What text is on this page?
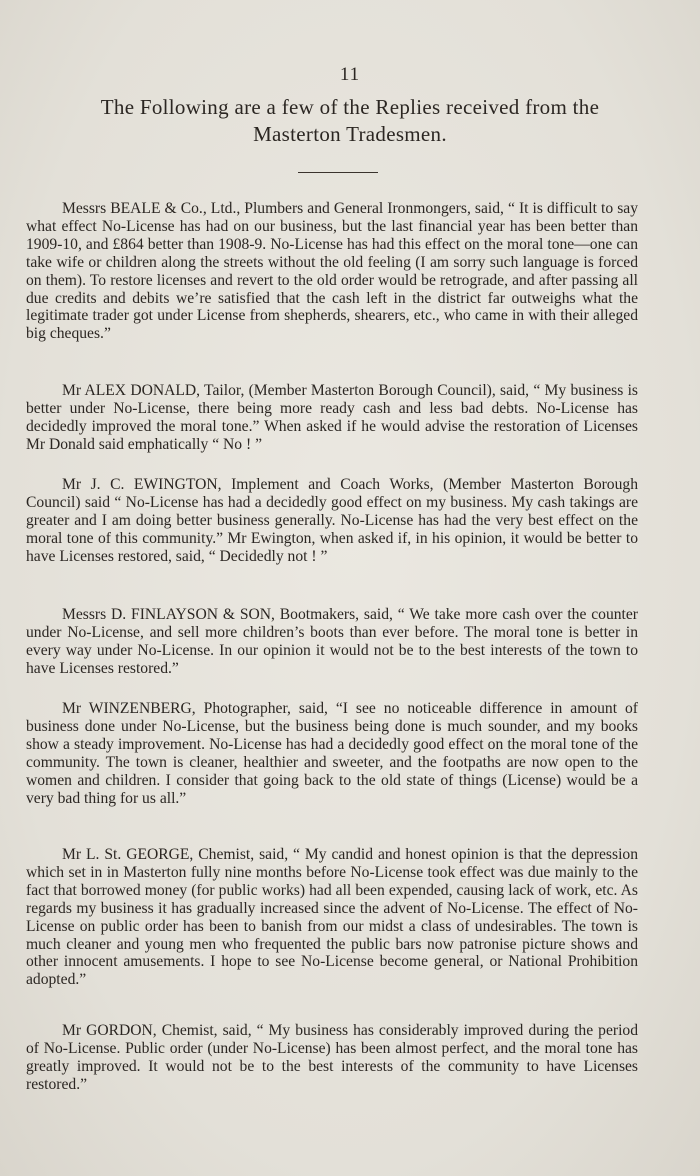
11
The Following are a few of the Replies received from the
Masterton Tradesmen.

Messrs BEALE & Co., Ltd., Plumbers and General Ironmongers, said, “ It is difficult to say what effect No-License has had on our business, but the last financial year has been better than 1909-10, and £864 better than 1908-9. No-License has had this effect on the moral tone—one can take wife or children along the streets without the old feeling (I am sorry such language is forced on them). To restore licenses and revert to the old order would be retrograde, and after passing all due credits and debits we’re satisfied that the cash left in the district far outweighs what the legitimate trader got under License from shepherds, shearers, etc., who came in with their alleged big cheques.”

Mr ALEX DONALD, Tailor, (Member Masterton Borough Council), said, “ My business is better under No-License, there being more ready cash and less bad debts. No-License has decidedly improved the moral tone.” When asked if he would advise the restoration of Licenses Mr Donald said emphatically “ No ! ”

Mr J. C. EWINGTON, Implement and Coach Works, (Member Masterton Borough Council) said “ No-License has had a decidedly good effect on my business. My cash takings are greater and I am doing better business generally. No-License has had the very best effect on the moral tone of this community.” Mr Ewington, when asked if, in his opinion, it would be better to have Licenses restored, said, “ Decidedly not ! ”

Messrs D. FINLAYSON & SON, Bootmakers, said, “ We take more cash over the counter under No-License, and sell more children’s boots than ever before. The moral tone is better in every way under No-License. In our opinion it would not be to the best interests of the town to have Licenses restored.”

Mr WINZENBERG, Photographer, said, “I see no noticeable difference in amount of business done under No-License, but the business being done is much sounder, and my books show a steady improvement. No-License has had a decidedly good effect on the moral tone of the community. The town is cleaner, healthier and sweeter, and the footpaths are now open to the women and children. I consider that going back to the old state of things (License) would be a very bad thing for us all.”

Mr L. St. GEORGE, Chemist, said, “ My candid and honest opinion is that the depression which set in in Masterton fully nine months before No-License took effect was due mainly to the fact that borrowed money (for public works) had all been expended, causing lack of work, etc. As regards my business it has gradually increased since the advent of No-License. The effect of No-License on public order has been to banish from our midst a class of undesirables. The town is much cleaner and young men who frequented the public bars now patronise picture shows and other innocent amusements. I hope to see No-License become general, or National Prohibition adopted.”

Mr GORDON, Chemist, said, “ My business has considerably improved during the period of No-License. Public order (under No-License) has been almost perfect, and the moral tone has greatly improved. It would not be to the best interests of the community to have Licenses restored.”
